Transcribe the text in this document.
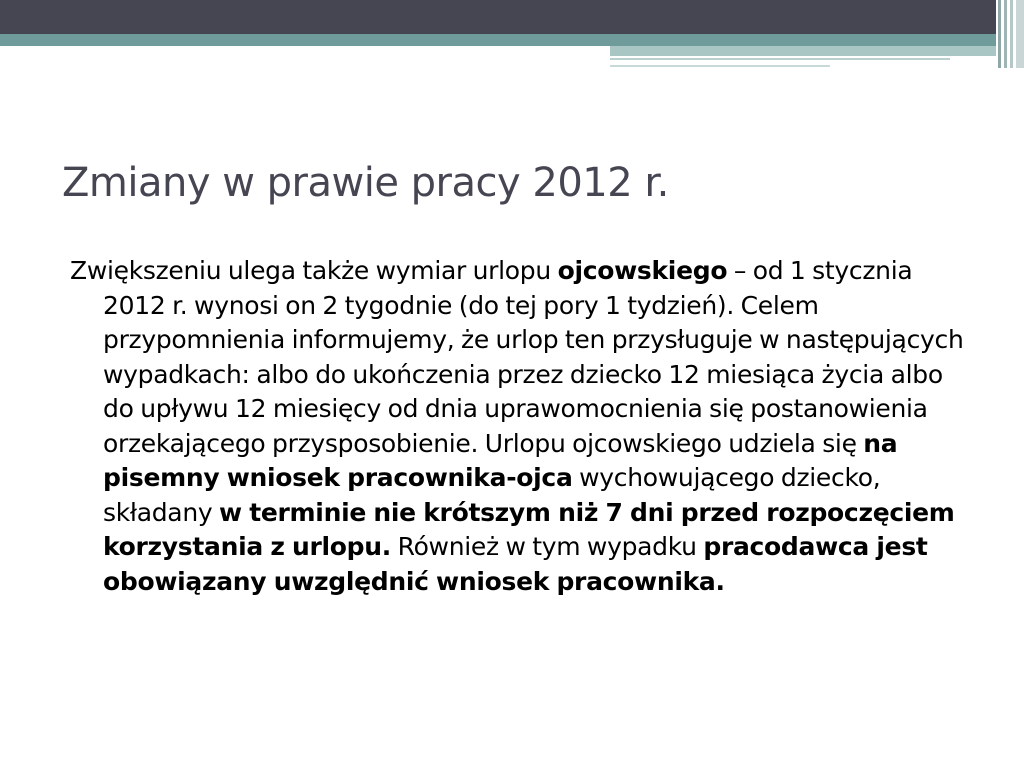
Zmiany w prawie pracy 2012 r.
Zwiększeniu ulega także wymiar urlopu ojcowskiego – od 1 stycznia 2012 r. wynosi on 2 tygodnie (do tej pory 1 tydzień). Celem przypomnienia informujemy, że urlop ten przysługuje w następujących wypadkach: albo do ukończenia przez dziecko 12 miesiąca życia albo do upływu 12 miesięcy od dnia uprawomocnienia się postanowienia orzekającego przysposobienie. Urlopu ojcowskiego udziela się na pisemny wniosek pracownika-ojca wychowującego dziecko, składany w terminie nie krótszym niż 7 dni przed rozpoczęciem korzystania z urlopu. Również w tym wypadku pracodawca jest obowiązany uwzględnić wniosek pracownika.
